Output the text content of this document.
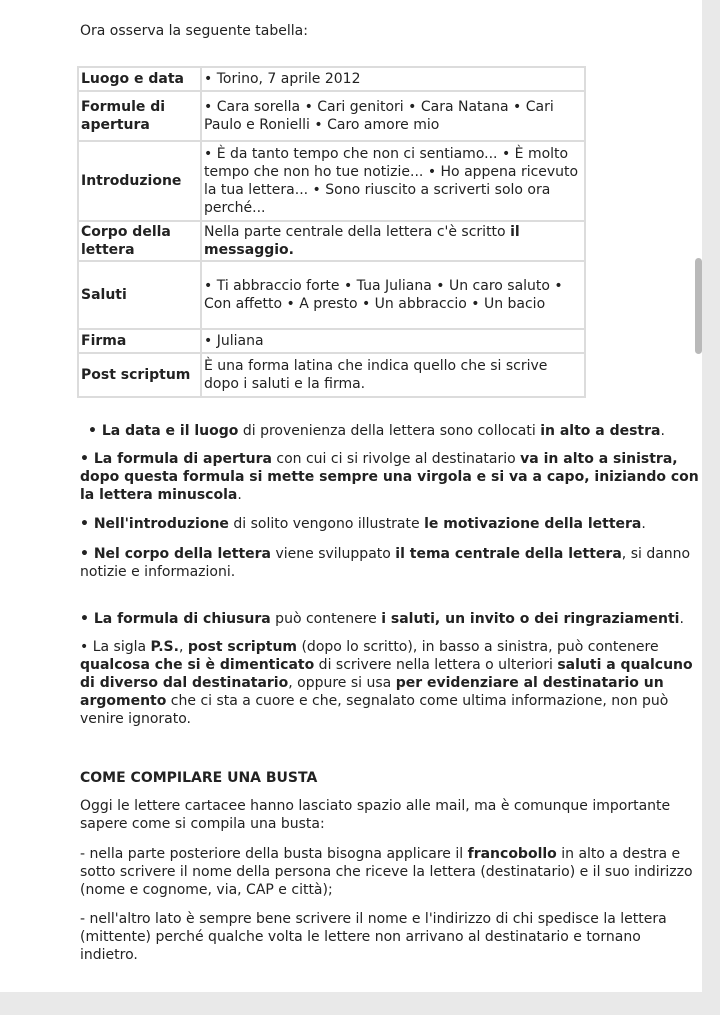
Ora osserva la seguente tabella:
Luogo e data	• Torino, 7 aprile 2012
Formule di apertura	• Cara sorella • Cari genitori • Cara Natana • Cari Paulo e Ronielli • Caro amore mio
Introduzione	• È da tanto tempo che non ci sentiamo... • È molto tempo che non ho tue notizie... • Ho appena ricevuto la tua lettera... • Sono riuscito a scriverti solo ora perché...
Corpo della lettera	Nella parte centrale della lettera c'è scritto il messaggio.
Saluti	• Ti abbraccio forte • Tua Juliana • Un caro saluto • Con affetto • A presto • Un abbraccio • Un bacio
Firma	• Juliana
Post scriptum	È una forma latina che indica quello che si scrive dopo i saluti e la firma.
• La data e il luogo di provenienza della lettera sono collocati in alto a destra.
• La formula di apertura con cui ci si rivolge al destinatario va in alto a sinistra, dopo questa formula si mette sempre una virgola e si va a capo, iniziando con la lettera minuscola.
• Nell'introduzione di solito vengono illustrate le motivazione della lettera.
• Nel corpo della lettera viene sviluppato il tema centrale della lettera, si danno notizie e informazioni.
• La formula di chiusura può contenere i saluti, un invito o dei ringraziamenti.
• La sigla P.S., post scriptum (dopo lo scritto), in basso a sinistra, può contenere qualcosa che si è dimenticato di scrivere nella lettera o ulteriori saluti a qualcuno di diverso dal destinatario, oppure si usa per evidenziare al destinatario un argomento che ci sta a cuore e che, segnalato come ultima informazione, non può venire ignorato.
COME COMPILARE UNA BUSTA
Oggi le lettere cartacee hanno lasciato spazio alle mail, ma è comunque importante sapere come si compila una busta:
- nella parte posteriore della busta bisogna applicare il francobollo in alto a destra e sotto scrivere il nome della persona che riceve la lettera (destinatario) e il suo indirizzo (nome e cognome, via, CAP e città);
- nell'altro lato è sempre bene scrivere il nome e l'indirizzo di chi spedisce la lettera (mittente) perché qualche volta le lettere non arrivano al destinatario e tornano indietro.
